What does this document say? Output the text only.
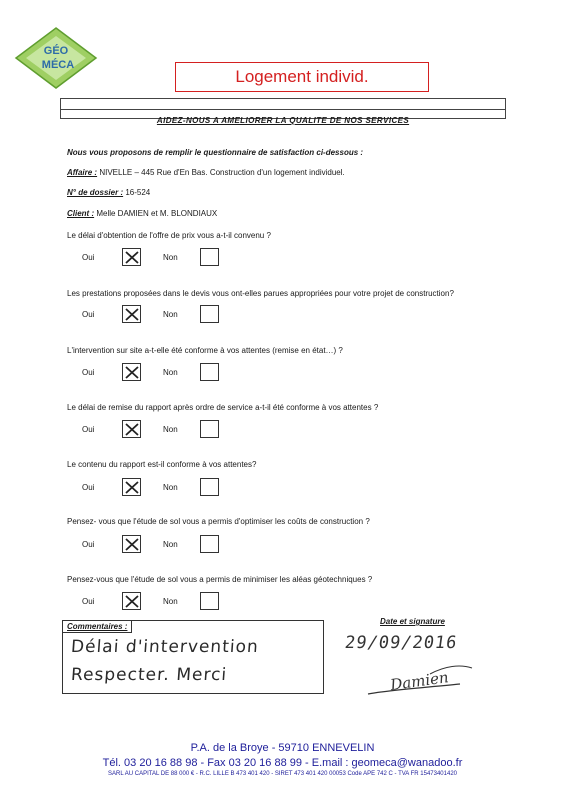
GÉO
MÉCA
Logement individ.
AIDEZ-NOUS A AMELIORER LA QUALITE DE NOS SERVICES
Nous vous proposons de remplir le questionnaire de satisfaction ci-dessous :
Affaire : NIVELLE – 445 Rue d'En Bas. Construction d'un logement individuel.
N° de dossier : 16-524
Client : Melle DAMIEN et M. BLONDIAUX
Le délai d'obtention de l'offre de prix vous a-t-il convenu ?
Oui	Non
Les prestations proposées dans le devis vous ont-elles parues appropriées pour votre projet de construction?
Oui	Non
L'intervention sur site a-t-elle été conforme à vos attentes (remise en état…) ?
Oui	Non
Le délai de remise du rapport après ordre de service a-t-il été conforme à vos attentes ?
Oui	Non
Le contenu du rapport est-il conforme à vos attentes?
Oui	Non
Pensez- vous que l'étude de sol vous a permis d'optimiser les coûts de construction ?
Oui	Non
Pensez-vous que l'étude de sol vous a permis de minimiser les aléas géotechniques ?
Oui	Non
Commentaires :
Délai d'intervention
Respecter. Merci
Date et signature
29/09/2016
Damien
P.A. de la Broye - 59710 ENNEVELIN
Tél. 03 20 16 88 98 - Fax 03 20 16 88 99 - E.mail : geomeca@wanadoo.fr
SARL AU CAPITAL DE 88 000 € - R.C. LILLE B 473 401 420 - SIRET 473 401 420 00053 Code APE 742 C - TVA FR 15473401420
